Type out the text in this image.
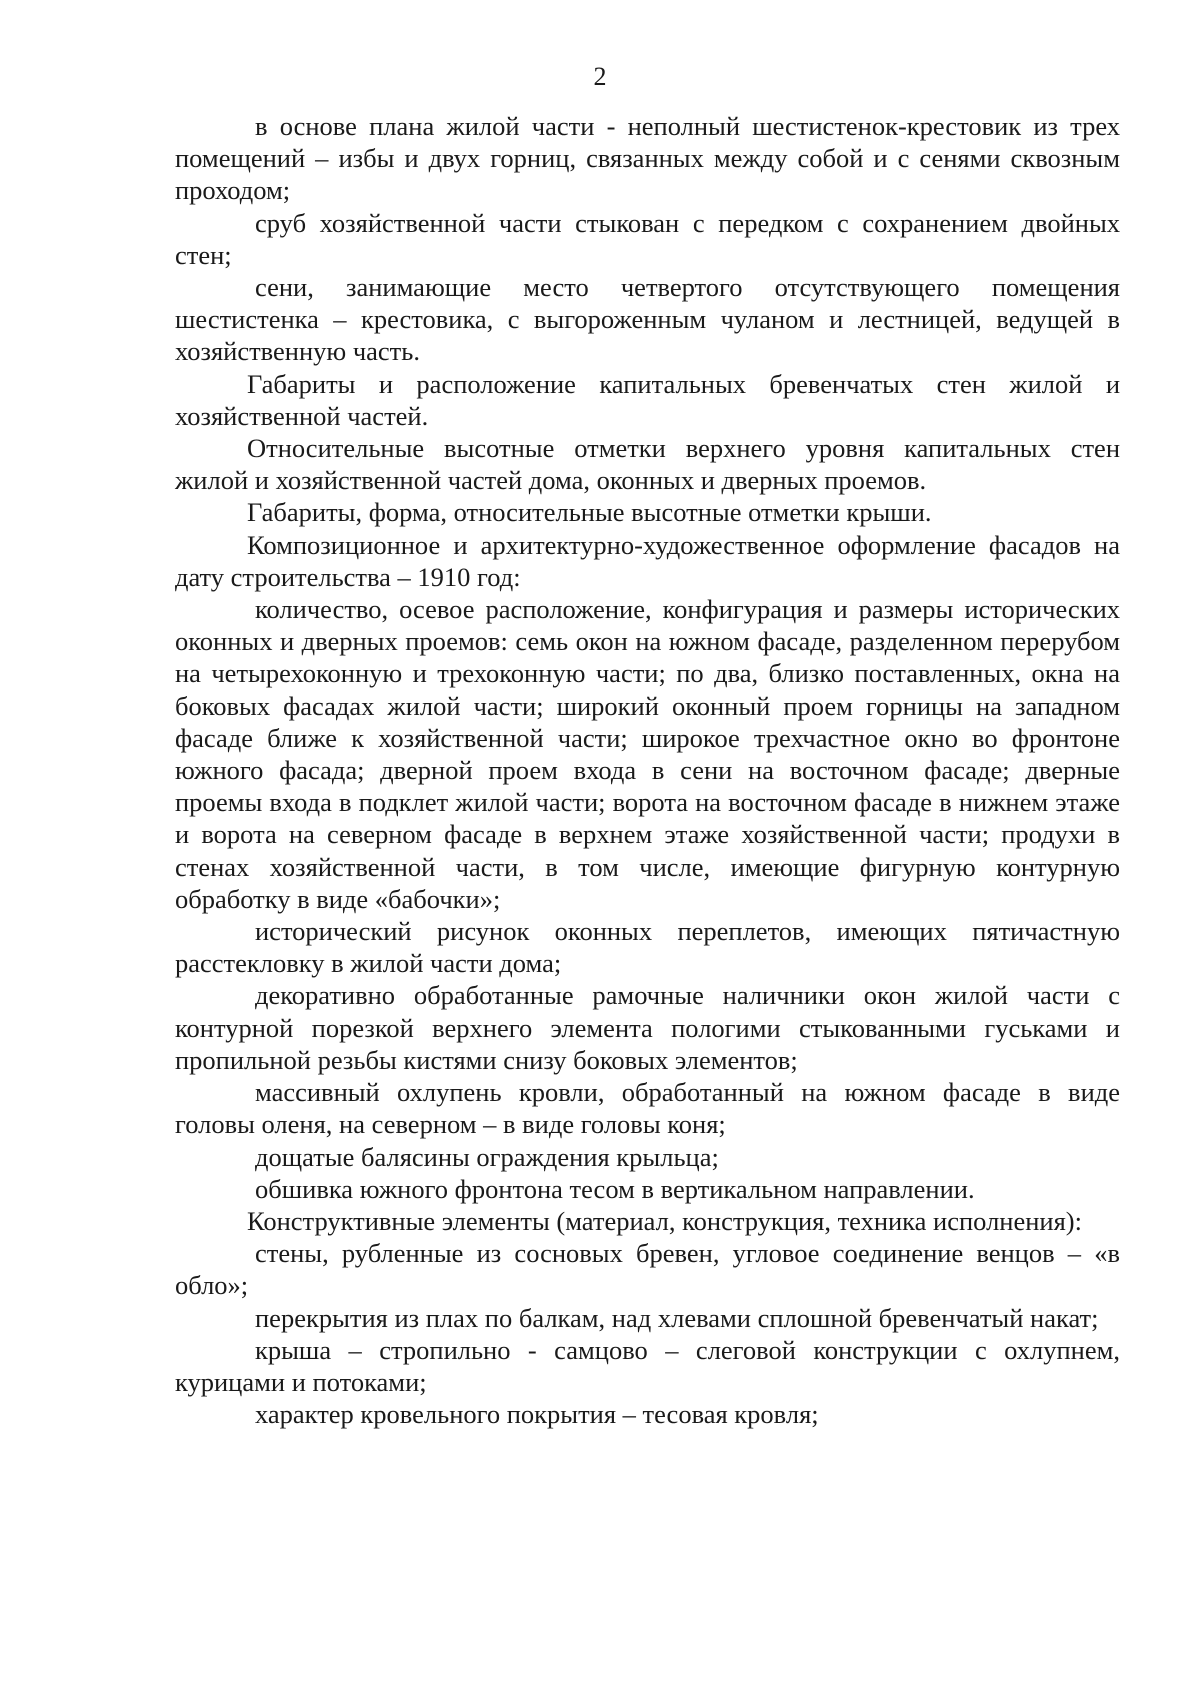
2

в основе плана жилой части - неполный шестистенок-крестовик из трех помещений – избы и двух горниц, связанных между собой и с сенями сквозным проходом;

сруб хозяйственной части стыкован с передком с сохранением двойных стен;

сени, занимающие место четвертого отсутствующего помещения шестистенка – крестовика, с выгороженным чуланом и лестницей, ведущей в хозяйственную часть.

Габариты и расположение капитальных бревенчатых стен жилой и хозяйственной частей.

Относительные высотные отметки верхнего уровня капитальных стен жилой и хозяйственной частей дома, оконных и дверных проемов.

Габариты, форма, относительные высотные отметки крыши.

Композиционное и архитектурно-художественное оформление фасадов на дату строительства – 1910 год:

количество, осевое расположение, конфигурация и размеры исторических оконных и дверных проемов: семь окон на южном фасаде, разделенном перерубом на четырехоконную и трехоконную части; по два, близко поставленных, окна на боковых фасадах жилой части; широкий оконный проем горницы на западном фасаде ближе к хозяйственной части; широкое трехчастное окно во фронтоне южного фасада; дверной проем входа в сени на восточном фасаде; дверные проемы входа в подклет жилой части; ворота на восточном фасаде в нижнем этаже и ворота на северном фасаде в верхнем этаже хозяйственной части; продухи в стенах хозяйственной части, в том числе, имеющие фигурную контурную обработку в виде «бабочки»;

исторический рисунок оконных переплетов, имеющих пятичастную расстекловку в жилой части дома;

декоративно обработанные рамочные наличники окон жилой части с контурной порезкой верхнего элемента пологими стыкованными гуськами и пропильной резьбы кистями снизу боковых элементов;

массивный охлупень кровли, обработанный на южном фасаде в виде головы оленя, на северном – в виде головы коня;

дощатые балясины ограждения крыльца;

обшивка южного фронтона тесом в вертикальном направлении.

Конструктивные элементы (материал, конструкция, техника исполнения):

стены, рубленные из сосновых бревен, угловое соединение венцов – «в обло»;

перекрытия из плах по балкам, над хлевами сплошной бревенчатый накат;

крыша – стропильно - самцово – слеговой конструкции с охлупнем, курицами и потоками;

характер кровельного покрытия – тесовая кровля;
